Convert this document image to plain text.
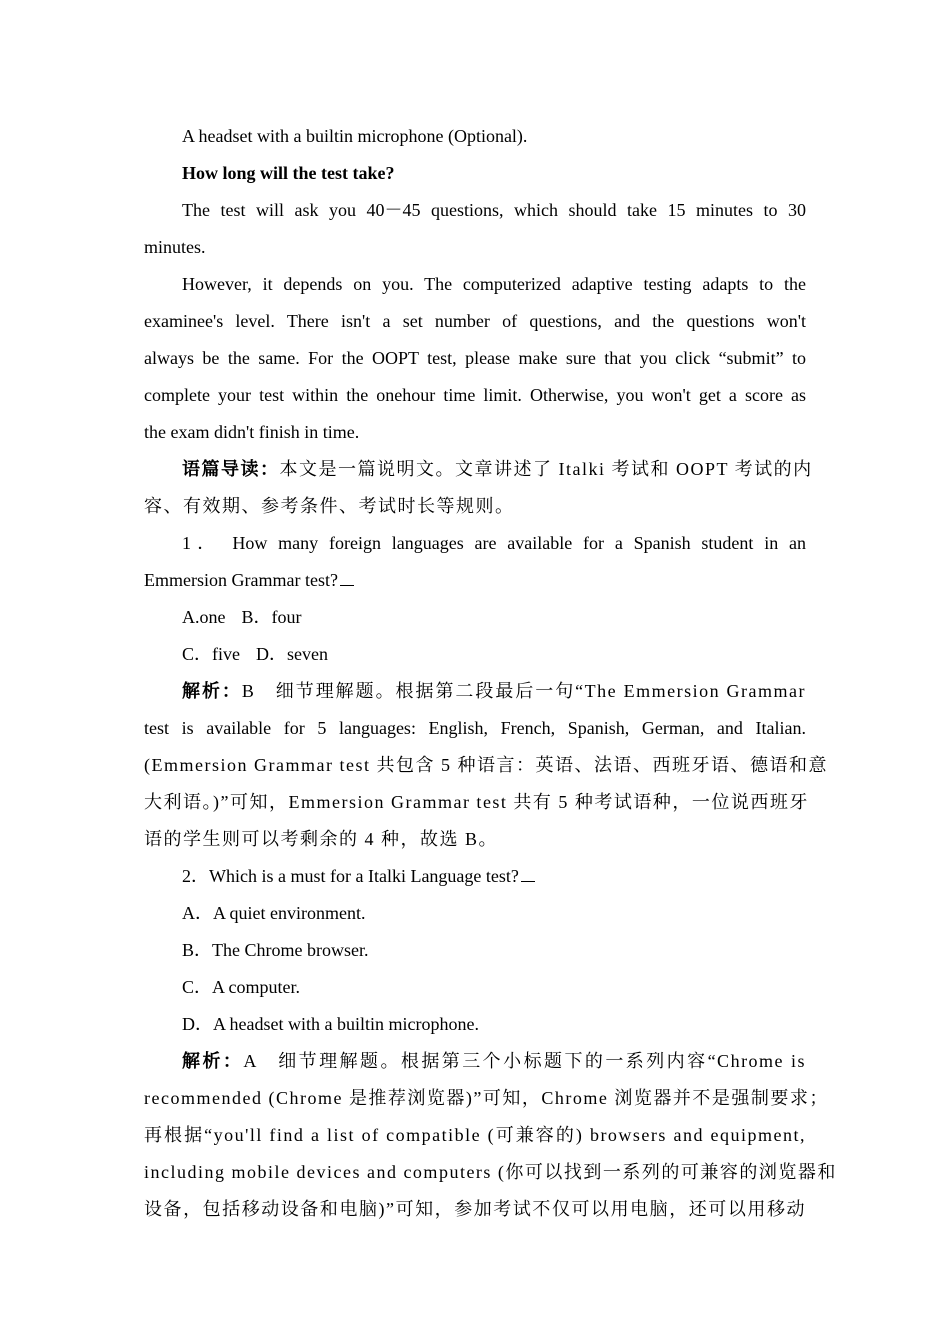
A headset with a builtin microphone (Optional).
How long will the test take?
The test will ask you 40－45 questions, which should take 15 minutes to 30
minutes.
However, it depends on you. The computerized adaptive testing adapts to the
examinee's level. There isn't a set number of questions, and the questions won't
always be the same. For the OOPT test, please make sure that you click “submit” to
complete your test within the onehour time limit. Otherwise, you won't get a score as
the exam didn't finish in time.
语篇导读：本文是一篇说明文。文章讲述了 Italki 考试和 OOPT 考试的内
容、有效期、参考条件、考试时长等规则。
1． How many foreign languages are available for a Spanish student in an
Emmersion Grammar test?
A.one B．four
C．five D．seven
解析：B　细节理解题。根据第二段最后一句“The Emmersion Grammar
test is available for 5 languages: English, French, Spanish, German, and Italian.
(Emmersion Grammar test 共包含 5 种语言：英语、法语、西班牙语、德语和意
大利语。)”可知，Emmersion Grammar test 共有 5 种考试语种，一位说西班牙
语的学生则可以考剩余的 4 种，故选 B。
2．Which is a must for a Italki Language test?
A．A quiet environment.
B．The Chrome browser.
C．A computer.
D．A headset with a builtin microphone.
解析：A　细节理解题。根据第三个小标题下的一系列内容“Chrome is
recommended (Chrome 是推荐浏览器)”可知，Chrome 浏览器并不是强制要求；
再根据“you'll find a list of compatible (可兼容的) browsers and equipment,
including mobile devices and computers (你可以找到一系列的可兼容的浏览器和
设备，包括移动设备和电脑)”可知，参加考试不仅可以用电脑，还可以用移动
